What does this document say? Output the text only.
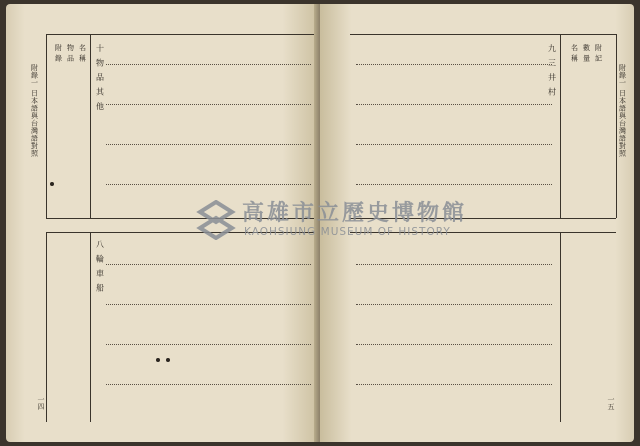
附錄一 日本語與台灣語對照
一四
十 物 品 其 他
八 輪 車 船
附 錄 物 品 名 稱
附錄一 日本語與台灣語對照
一五
九 三 井 村 名 稱 數 量 附 記
高雄市立歷史博物館
KAOHSIUNG MUSEUM OF HISTORY
